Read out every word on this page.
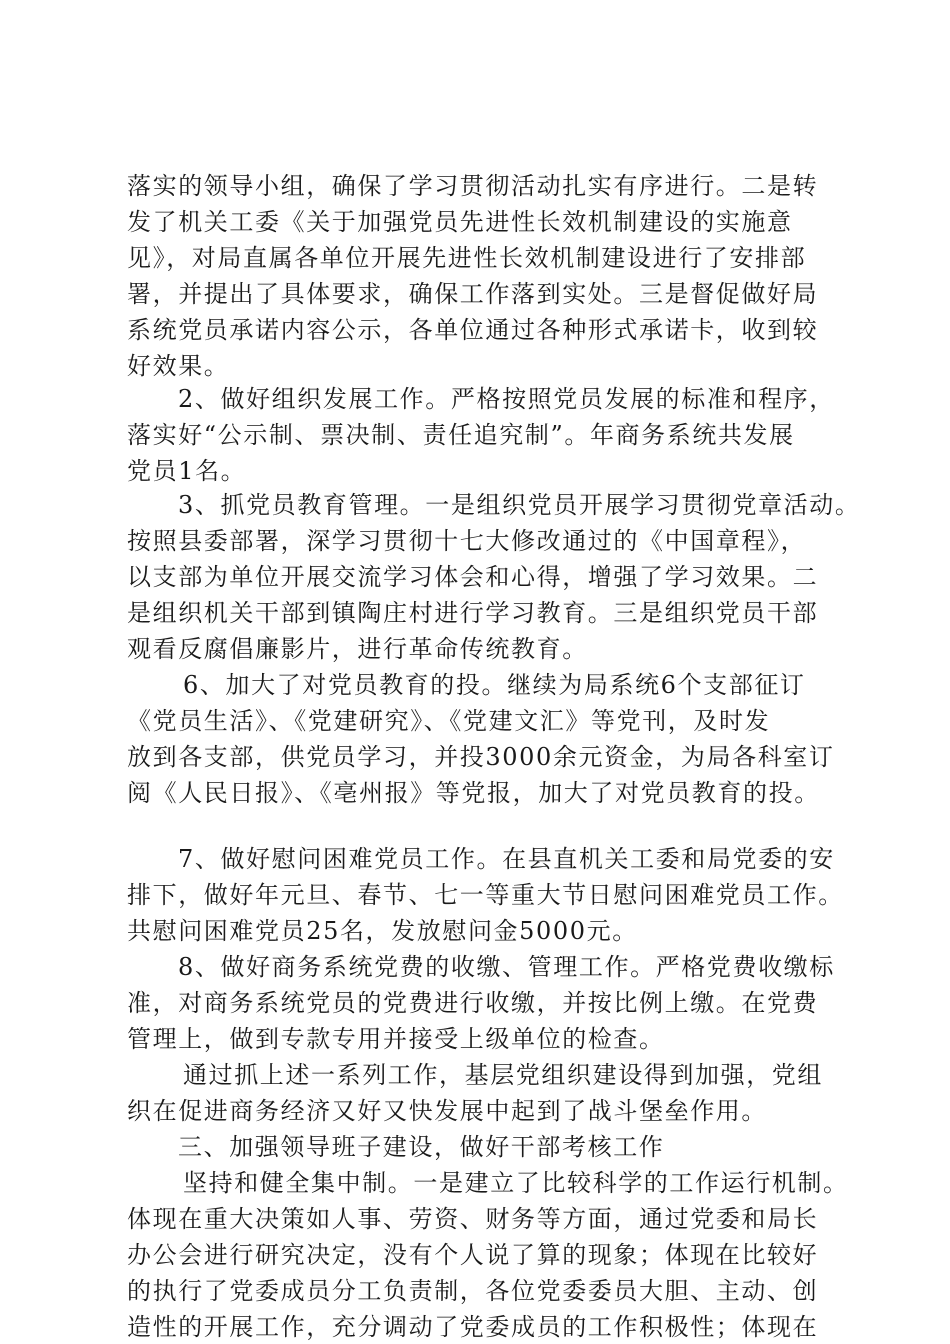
落实的领导小组，确保了学习贯彻活动扎实有序进行。二是转
发了机关工委《关于加强党员先进性长效机制建设的实施意
见》，对局直属各单位开展先进性长效机制建设进行了安排部
署，并提出了具体要求，确保工作落到实处。三是督促做好局
系统党员承诺内容公示，各单位通过各种形式承诺卡，收到较
好效果。
2、做好组织发展工作。严格按照党员发展的标准和程序，
落实好“公示制、票决制、责任追究制”。年商务系统共发展
党员1名。
3、抓党员教育管理。一是组织党员开展学习贯彻党章活动。
按照县委部署，深学习贯彻十七大修改通过的《中国章程》，
以支部为单位开展交流学习体会和心得，增强了学习效果。二
是组织机关干部到镇陶庄村进行学习教育。三是组织党员干部
观看反腐倡廉影片，进行革命传统教育。
6、加大了对党员教育的投。继续为局系统6个支部征订
《党员生活》、《党建研究》、《党建文汇》等党刊，及时发
放到各支部，供党员学习，并投3000余元资金，为局各科室订
阅《人民日报》、《亳州报》等党报，加大了对党员教育的投。
7、做好慰问困难党员工作。在县直机关工委和局党委的安
排下，做好年元旦、春节、七一等重大节日慰问困难党员工作。
共慰问困难党员25名，发放慰问金5000元。
8、做好商务系统党费的收缴、管理工作。严格党费收缴标
准，对商务系统党员的党费进行收缴，并按比例上缴。在党费
管理上，做到专款专用并接受上级单位的检查。
通过抓上述一系列工作，基层党组织建设得到加强，党组
织在促进商务经济又好又快发展中起到了战斗堡垒作用。
三、加强领导班子建设，做好干部考核工作
坚持和健全集中制。一是建立了比较科学的工作运行机制。
体现在重大决策如人事、劳资、财务等方面，通过党委和局长
办公会进行研究决定，没有个人说了算的现象；体现在比较好
的执行了党委成员分工负责制，各位党委委员大胆、主动、创
造性的开展工作，充分调动了党委成员的工作积极性；体现在
